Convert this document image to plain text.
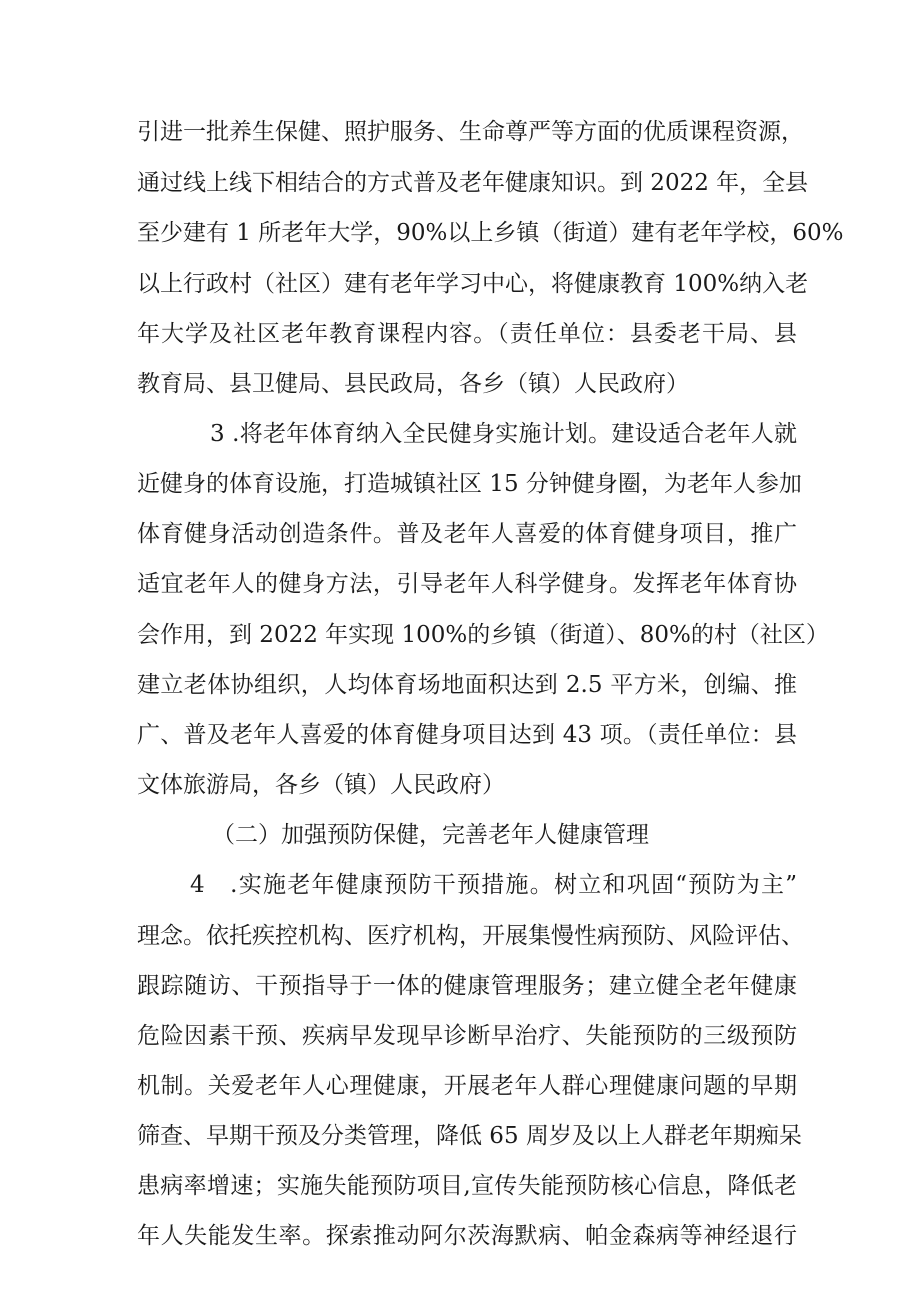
引进一批养生保健、照护服务、生命尊严等方面的优质课程资源，
通过线上线下相结合的方式普及老年健康知识。到 2022 年，全县
至少建有 1 所老年大学，90%以上乡镇（街道）建有老年学校，60%
以上行政村（社区）建有老年学习中心，将健康教育 100%纳入老
年大学及社区老年教育课程内容。（责任单位：县委老干局、县
教育局、县卫健局、县民政局，各乡（镇）人民政府）
3 .将老年体育纳入全民健身实施计划。建设适合老年人就
近健身的体育设施，打造城镇社区 15 分钟健身圈，为老年人参加
体育健身活动创造条件。普及老年人喜爱的体育健身项目，推广
适宜老年人的健身方法，引导老年人科学健身。发挥老年体育协
会作用，到 2022 年实现 100%的乡镇（街道）、80%的村（社区）
建立老体协组织，人均体育场地面积达到 2.5 平方米，创编、推
广、普及老年人喜爱的体育健身项目达到 43 项。（责任单位：县
文体旅游局，各乡（镇）人民政府）
（二）加强预防保健，完善老年人健康管理
4　.实施老年健康预防干预措施。树立和巩固“预防为主”
理念。依托疾控机构、医疗机构，开展集慢性病预防、风险评估、
跟踪随访、干预指导于一体的健康管理服务；建立健全老年健康
危险因素干预、疾病早发现早诊断早治疗、失能预防的三级预防
机制。关爱老年人心理健康，开展老年人群心理健康问题的早期
筛查、早期干预及分类管理，降低 65 周岁及以上人群老年期痴呆
患病率增速；实施失能预防项目,宣传失能预防核心信息，降低老
年人失能发生率。探索推动阿尔茨海默病、帕金森病等神经退行
